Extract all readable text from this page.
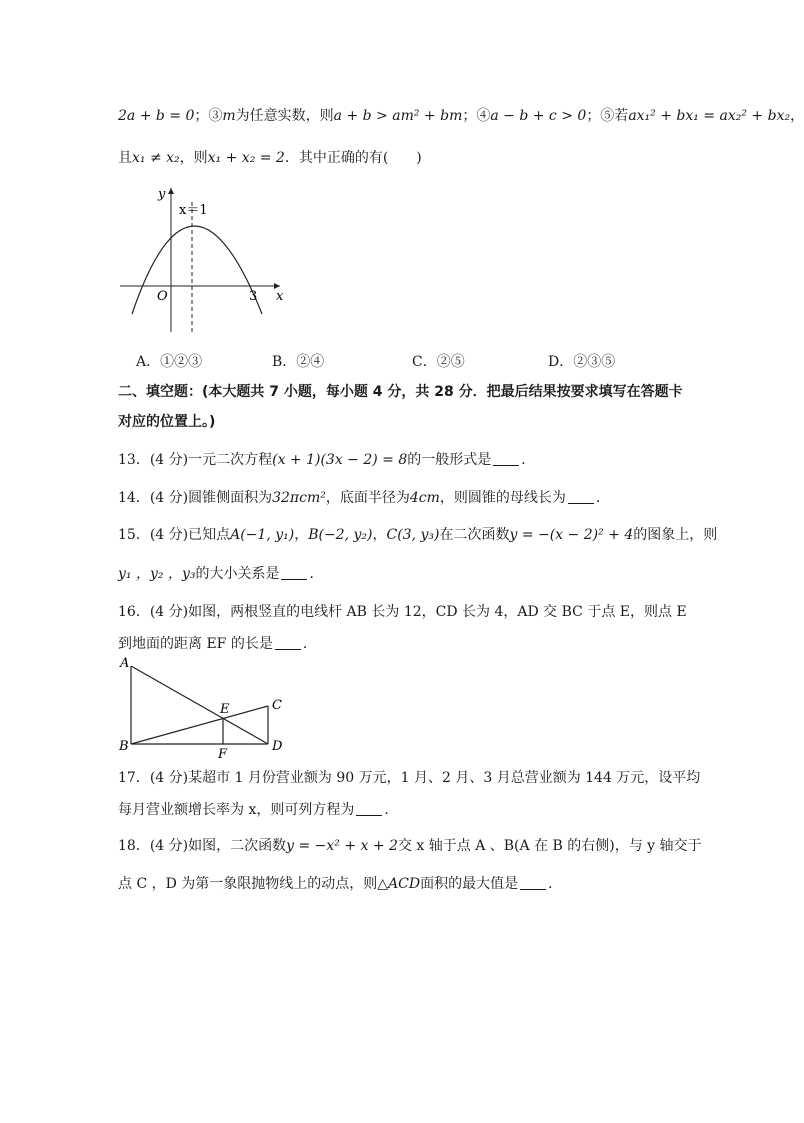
2a + b = 0；③m为任意实数，则a + b > am² + bm；④a − b + c > 0；⑤若ax₁² + bx₁ = ax₂² + bx₂，
且x₁ ≠ x₂，则x₁ + x₂ = 2．其中正确的有(　　)
y
x
x＝1
O	3
A．①②③	B．②④	C．②⑤	D．②③⑤
二、填空题：(本大题共 7 小题，每小题 4 分，共 28 分．把最后结果按要求填写在答题卡
对应的位置上。)
13．(4 分)一元二次方程(x + 1)(3x − 2) = 8的一般形式是 ．
14．(4 分)圆锥侧面积为32πcm²，底面半径为4cm，则圆锥的母线长为 ．
15．(4 分)已知点A(−1, y₁)，B(−2, y₂)，C(3, y₃)在二次函数y = −(x − 2)² + 4的图象上，则
y₁ ，y₂ ，y₃的大小关系是 ．
16．(4 分)如图，两根竖直的电线杆 AB 长为 12，CD 长为 4，AD 交 BC 于点 E，则点 E
到地面的距离 EF 的长是 ．
A
B
C
D
E
F
17．(4 分)某超市 1 月份营业额为 90 万元，1 月、2 月、3 月总营业额为 144 万元，设平均
每月营业额增长率为 x，则可列方程为 ．
18．(4 分)如图，二次函数y = −x² + x + 2交 x 轴于点 A 、B(A 在 B 的右侧)，与 y 轴交于
点 C ，D 为第一象限抛物线上的动点，则△ACD面积的最大值是 ．
